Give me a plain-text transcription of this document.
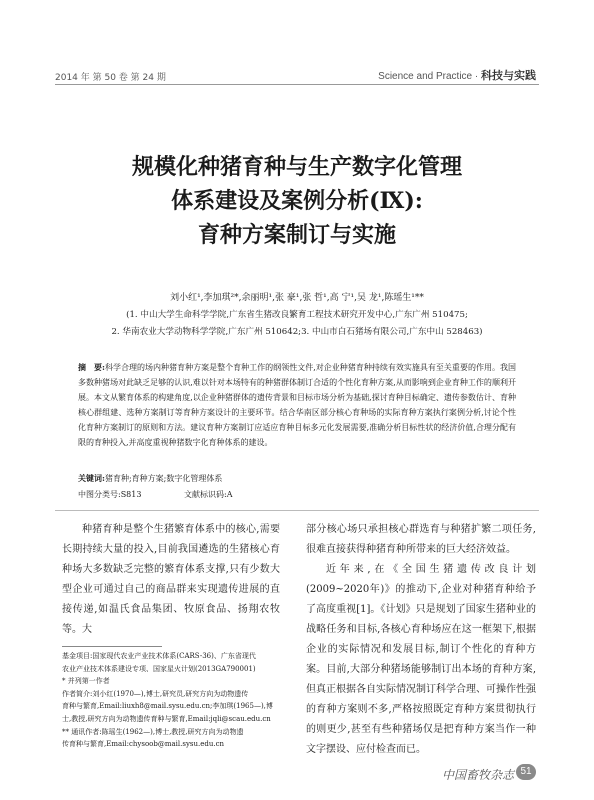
2014 年 第 50 卷 第 24 期	Science and Practice · 科技与实践
规模化种猪育种与生产数字化管理
体系建设及案例分析(Ⅸ):
育种方案制订与实施
刘小红¹,李加琪²*,余丽明¹,张 豪¹,张 哲¹,高 宁¹,吴 龙¹,陈瑶生¹**
(1. 中山大学生命科学学院,广东省生猪改良繁育工程技术研究开发中心,广东广州 510475;
2. 华南农业大学动物科学学院,广东广州 510642;3. 中山市白石猪场有限公司,广东中山 528463)
摘　要:科学合理的场内种猪育种方案是整个育种工作的纲领性文件,对企业种猪育种持续有效实施具有至关重要的作用。我国多数种猪场对此缺乏足够的认识,难以针对本场特有的种猪群体制订合适的个性化育种方案,从而影响到企业育种工作的顺利开展。本文从繁育体系的构建角度,以企业种猪群体的遗传背景和目标市场分析为基础,探讨育种目标确定、遗传参数估计、育种核心群组建、选种方案制订等育种方案设计的主要环节。结合华南区部分核心育种场的实际育种方案执行案例分析,讨论个性化育种方案制订的原则和方法。建议育种方案制订应适应育种目标多元化发展需要,准确分析目标性状的经济价值,合理分配有限的育种投入,并高度重视种猪数字化育种体系的建设。
关键词:猪育种;育种方案;数字化管理体系
中图分类号:S813	文献标识码:A

种猪育种是整个生猪繁育体系中的核心,需要长期持续大量的投入,目前我国遴选的生猪核心育种场大多数缺乏完整的繁育体系支撑,只有少数大型企业可通过自己的商品群来实现遗传进展的直接传递,如温氏食品集团、牧原食品、扬翔农牧等。大

部分核心场只承担核心群选育与种猪扩繁二项任务,很难直接获得种猪育种所带来的巨大经济效益。

近年来,在《全国生猪遗传改良计划(2009~2020年)》的推动下,企业对种猪育种给予了高度重视[1]。《计划》只是规划了国家生猪种业的战略任务和目标,各核心育种场应在这一框架下,根据企业的实际情况和发展目标,制订个性化的育种方案。目前,大部分种猪场能够制订出本场的育种方案,但真正根据各自实际情况制订科学合理、可操作性强的育种方案则不多,严格按照既定育种方案贯彻执行的则更少,甚至有些种猪场仅是把育种方案当作一种文字摆设、应付检查而已。

基金项目:国家现代农业产业技术体系(CARS-36)、广东省现代
农业产业技术体系建设专项、国家星火计划(2013GA790001)
* 并列第一作者
作者简介:刘小红(1970—),博士,研究员,研究方向为动物遗传
育种与繁育,Email:liuxh8@mail.sysu.edu.cn;李加琪(1965—),博
士,教授,研究方向为动物遗传育种与繁育,Email:jqli@scau.edu.cn
** 通讯作者:陈瑶生(1962—),博士,教授,研究方向为动物遗
传育种与繁育,Email:chysoob@mail.sysu.edu.cn
中国畜牧杂志 51
